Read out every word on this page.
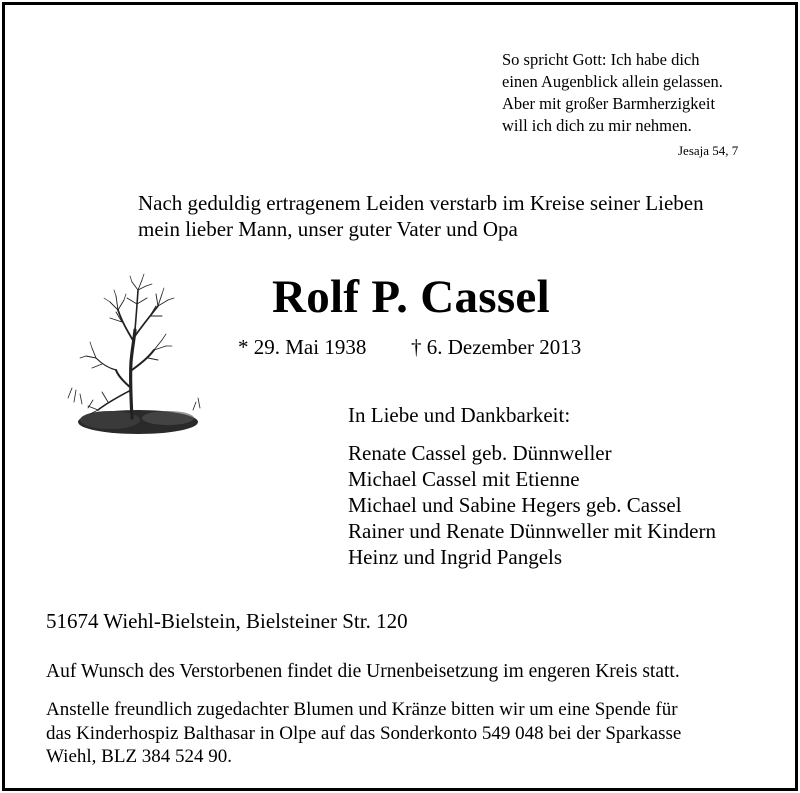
So spricht Gott: Ich habe dich
einen Augenblick allein gelassen.
Aber mit großer Barmherzigkeit
will ich dich zu mir nehmen.
Jesaja 54, 7
Nach geduldig ertragenem Leiden verstarb im Kreise seiner Lieben
mein lieber Mann, unser guter Vater und Opa
Rolf P. Cassel
* 29. Mai 1938 † 6. Dezember 2013
In Liebe und Dankbarkeit:
Renate Cassel geb. Dünnweller
Michael Cassel mit Etienne
Michael und Sabine Hegers geb. Cassel
Rainer und Renate Dünnweller mit Kindern
Heinz und Ingrid Pangels
51674 Wiehl-Bielstein, Bielsteiner Str. 120
Auf Wunsch des Verstorbenen findet die Urnenbeisetzung im engeren Kreis statt.
Anstelle freundlich zugedachter Blumen und Kränze bitten wir um eine Spende für
das Kinderhospiz Balthasar in Olpe auf das Sonderkonto 549 048 bei der Sparkasse
Wiehl, BLZ 384 524 90.
